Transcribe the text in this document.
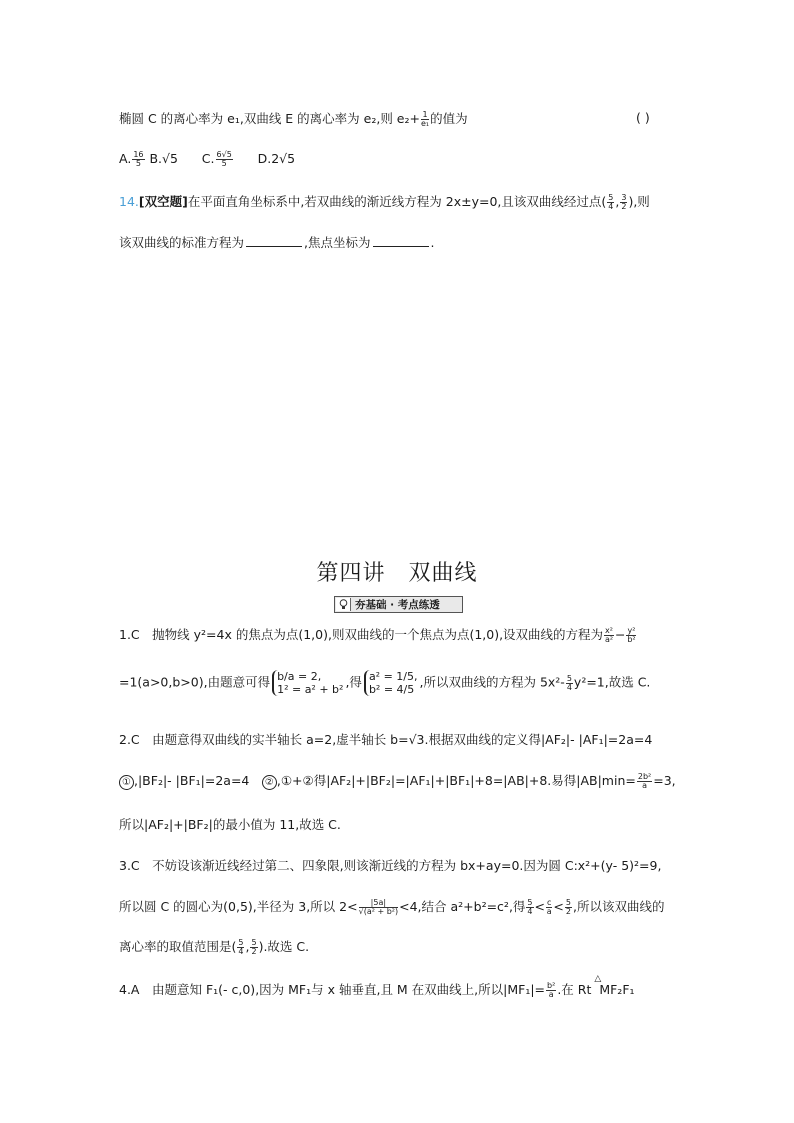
椭圆 C 的离心率为 e₁,双曲线 E 的离心率为 e₂,则 $e_2+ \frac{1}{\text{e₁}}$ 的值为	( )
A. $\frac{16}{5} B.√5$ C. $\frac{6√5}{5} D.2√5$
14.[双空题]在平面直角坐标系中,若双曲线的渐近线方程为 2x±y=0,且该双曲线经过点( $\frac{5}{4}$ , $\frac{3}{2}$ ),则
该双曲线的标准方程为	,焦点坐标为	.
第四讲　双曲线
夯基础 · 考点练透
1.C　抛物线 y²=4x 的焦点为点(1,0),则双曲线的一个焦点为点(1,0),设双曲线的方程为 $\frac{\text{x²}}{\text{a²}} - \frac{\text{y²}}{\text{b²}}$
=1(a>0,b>0),由题意可得 b/a = 2,
1² = a² + b² ,得 a² = 1/5,
b² = 4/5 ,所以双曲线的方程为 $5x^2- \frac{5}{4} y^2=1$,故选 C.
2.C　由题意得双曲线的实半轴长 a=2,虚半轴长 b=√3.根据双曲线的定义得|AF₂|- |AF₁|=2a=4
① ,|BF₂|- |BF₁|=2a=4　② ,①+②得|AF₂|+|BF₂|=|AF₁|+|BF₁|+8=|AB|+8.易得$|AB|\min= \frac{\text{2b²}}{a} =3$,
所以|AF₂|+|BF₂|的最小值为 11,故选 C.
3.C　不妨设该渐近线经过第二、四象限,则该渐近线的方程为 bx+ay=0.因为圆 C:x²+(y- 5)²=9,
所以圆 C 的圆心为(0,5),半径为 3,所以 $2< \frac{|5a|}{\text{√(a² + b²)}} <4$,结合 a²+b²=c²,得 $\frac{5}{4} < \frac{c}{a} < \frac{5}{2}$ ,所以该双曲线的
离心率的取值范围是( $\frac{5}{4}$ , $\frac{5}{2}$ ).故选 C.
4.A　由题意知 F₁(- c,0),因为 MF₁与 x 轴垂直,且 M 在双曲线上,所以$|MF_1|= \frac{\text{b²}}{a}$ .在 Rt
△
MF₂F₁
